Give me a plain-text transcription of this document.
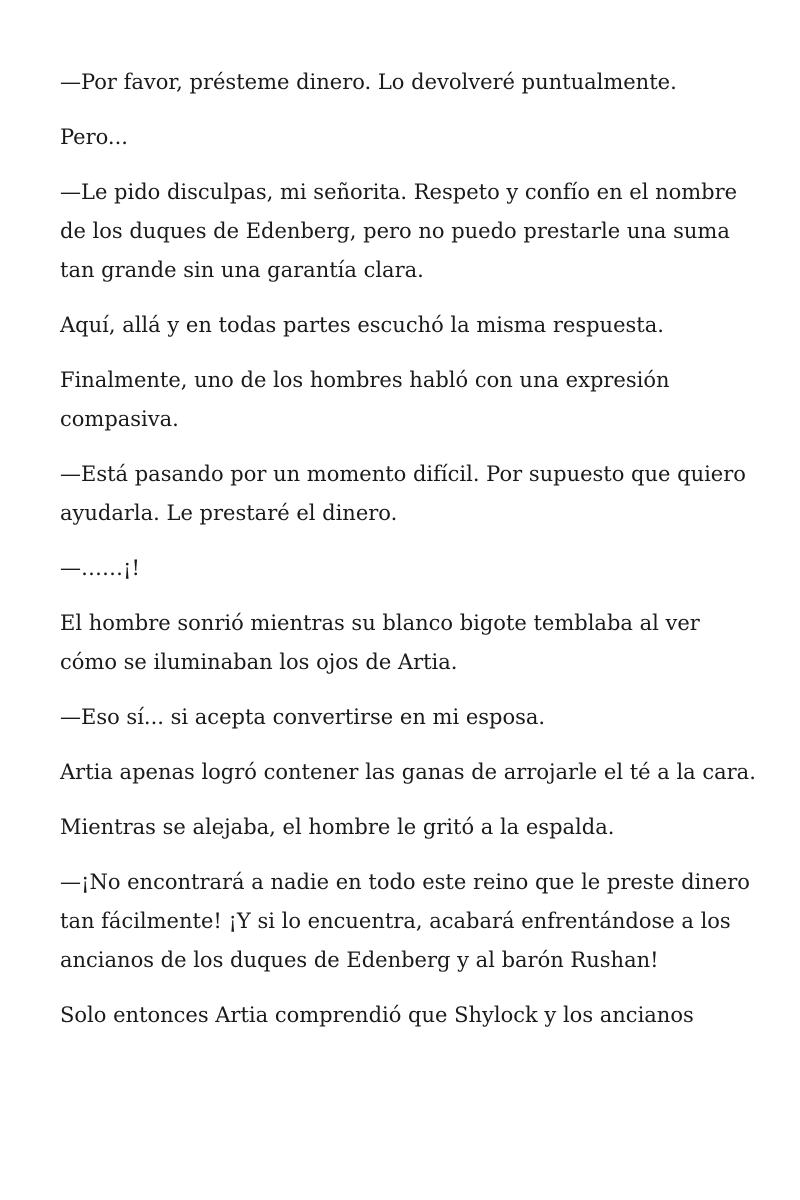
—Por favor, présteme dinero. Lo devolveré puntualmente.

Pero...

—Le pido disculpas, mi señorita. Respeto y confío en el nombre de los duques de Edenberg, pero no puedo prestarle una suma tan grande sin una garantía clara.

Aquí, allá y en todas partes escuchó la misma respuesta.

Finalmente, uno de los hombres habló con una expresión compasiva.

—Está pasando por un momento difícil. Por supuesto que quiero ayudarla. Le prestaré el dinero.

—……¡!

El hombre sonrió mientras su blanco bigote temblaba al ver cómo se iluminaban los ojos de Artia.

—Eso sí... si acepta convertirse en mi esposa.

Artia apenas logró contener las ganas de arrojarle el té a la cara.

Mientras se alejaba, el hombre le gritó a la espalda.

—¡No encontrará a nadie en todo este reino que le preste dinero tan fácilmente! ¡Y si lo encuentra, acabará enfrentándose a los ancianos de los duques de Edenberg y al barón Rushan!

Solo entonces Artia comprendió que Shylock y los ancianos
